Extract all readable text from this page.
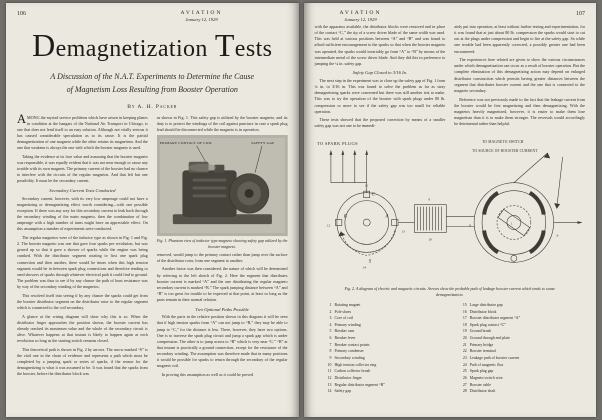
106	AVIATION
January 12, 1929
Demagnetization Tests
A Discussion of the N.A.T. Experiments to Determine the Cause
of Magnetism Loss Resulting from Booster Operation
By A. H. Packer

AMONG the myriad service problems which have arisen in keeping planes in condition at the hangars of the National Air Transport in Chicago, is one that does not lend itself to an easy solution. Although not vitally serious it has caused considerable speculation as to its cause. It is the partial demagnetization of one magneto while the other retains its magnetism. And the one that weakens is always the one with which the booster magneto is used.

Taking the evidence at its face value and assuming that the booster magneto was responsible, it was equally evident that it was not near enough to cause any trouble with its own magnets. The primary current of the booster had no chance to interfere with the circuits of the regular magnetos. And that left but one possibility. It must be the secondary current.

Secondary Current Tests Conducted

Secondary current, however, with its very low amperage could not have a magnetizing or demagnetizing effect worth considering—with one possible exception. If there was any way for this secondary current to leak back through the secondary winding of the main magneto, then the combination of low amperage with a high number of turns might have an appreciable effect. On this assumption a number of experiments were conducted.

The regular magnetos were of the inductor type as shown in Fig. 1 and Fig. 2. The booster magneto was one that gave four sparks per revolution, but was geared up so that it gave a shower of sparks while the engine was being cranked. With the distributor segment rotating to first one spark plug connection and then another, there would be times when this high tension segment would be in between spark plug connections and therefore tending to send showers of sparks through whatever electrical path it could find to ground. The problem was thus to see if by any chance the path of least resistance was by way of the secondary winding of the magnetos.

This resolved itself into seeing if by any chance the sparks could get from the booster distributor segment on the distributor rotor to the regular segment which is connected to the coil secondary.

A glance at the wiring diagram will show why this is so. When the distributor finger approaches the position shown, the booster current has already reached its maximum value and the whole of the secondary circuit is alive. Whatever happens at that instant is likely to happen again at each revolution so long as the starting switch remains closed.

This theoretical path is shown in Fig. 2 by arrows. The arrow marked “S” is the vital one in the chain of evidence and represents a path which must be completed by a jumping spark or series of sparks, if the reason for the demagnetizing is what it was assumed to be. It was found that the sparks from the booster, before the distributor block was

as shown in Fig. 1. This safety gap is utilized by the booster magneto, and its duty is to protect the windings of the coil against puncture in case a spark plug lead should be disconnected while the magneto is in operation.

PRIMARY CONTACT OF COIL	SAFETY GAP
Fig. 1. Phantom view of inductor type magneto showing safety gap utilized by the booster magneto.

removed, would jump to the primary contact rather than jump over the surface of the distributor rotor, from one segment to another.

Another factor was then considered, the nature of which will be determined by referring to the left sketch of Fig. 2. Here the segment that distributes booster current is marked “A” and the one distributing the regular magneto secondary current is marked “B.” The spark jumping distance between “A” and “B” is too great for trouble to be expected at that point, at least so long as the parts remain in their normal relation.

Two Optional Paths Possible

With the parts in the relative position shown in this diagram it will be seen that if high tension sparks from “A” can not jump to “B,” they may be able to jump to “C,” for the distance is less. There, however, they have two options. One is to traverse the spark plug circuit and jump a spark gap which is under compression. The other is to jump across to “B” which is very near “C.” “B” at that instant is practically a ground connection, except for the resistance of the secondary winding. The assumption was therefore made that in many positions it would be possible for sparks to return through the secondary of the regular magneto coil.

In proving this assumption as well as it could be proved

AVIATION
January 12, 1929
107

with the apparatus available, the distributor blocks were removed and in place of the contact “C,” the tip of a screw driver blade of the same width was used. This was held at various positions between “A” and “B” and was found to afford sufficient encouragement to the sparks so that when the booster magneto was operated, the sparks would invariably go from “A” to “B” by means of the intermediate metal of the screw driver blade. And they did this in preference to jumping the ¼ in. safety gap.

Safety Gap Closed to 3/16 In.

The next step in the experiment was to close up the safety gap of Fig. 1 from ¼ in. to 3/16 in. This was found to solve the problem as far as stray demagnetizing sparks were concerned but there was still another test to make. This was to try the operation of the booster with spark plugs under 80 lb. compression or more to see if the safety gap was too small for reliable operation.

These tests showed that the proposed correction by means of a smaller safety gap was not one to be immedi-

ately put into operation, at least without further testing and experimentation, for it was found that at just about 80 lb. compression the sparks would start to cut out at the plugs under compression and begin to fire at the safety gap. So while one trouble had been apparently corrected, a possibly greater one had been encountered.

The experiences here related are given to show the various circumstances under which demagnetization can occur as a result of booster operation. But the complete elimination of this demagnetizing action may depend on enlarged distributor construction which permits having greater distances between the segment that distributes booster current and the one that is connected to the magneto secondary.

Reference was not previously made to the fact that the leakage current from the booster would be first magnetizing and then demagnetizing. With the magnetos heavily magnetized, however, it is easier to make them lose magnetism than it is to make them stronger. The reversals would accordingly be detrimental rather than helpful.

TO SPARK PLUGS
A
B
C
S
TO MAGNETO SWITCH
TO SOURCE OF BOOSTER CURRENT
1
2
3
4	5
6
7
8
9
10
11
12
13
14
Fig. 2. A diagram of electric and magnetic circuits. Arrows show the probable path of leakage booster current which tends to cause demagnetization.
1 Rotating magnet
2 Pole shoes
3 Core of coil
4 Primary winding
5 Breaker cam
6 Breaker lever
7 Breaker contact points
8 Primary condenser
9 Secondary winding
10 High tension collector ring
11 Carbon collector brush
12 Distributor finger
13 Regular distributor segment “B”
14 Safety gap
15 Large distributor gap
16 Distributor block
17 Booster distributor segment “A”
18 Spark plug contact “C”
19 Ground brush
20 Ground through end plate
21 Primary bridge
22 Booster terminal
23 Leakage path of booster current
24 Path of magnetic flux
25 Spark plug gap
26 Magneto switch wire
27 Booster cable
28 Distributor shaft
